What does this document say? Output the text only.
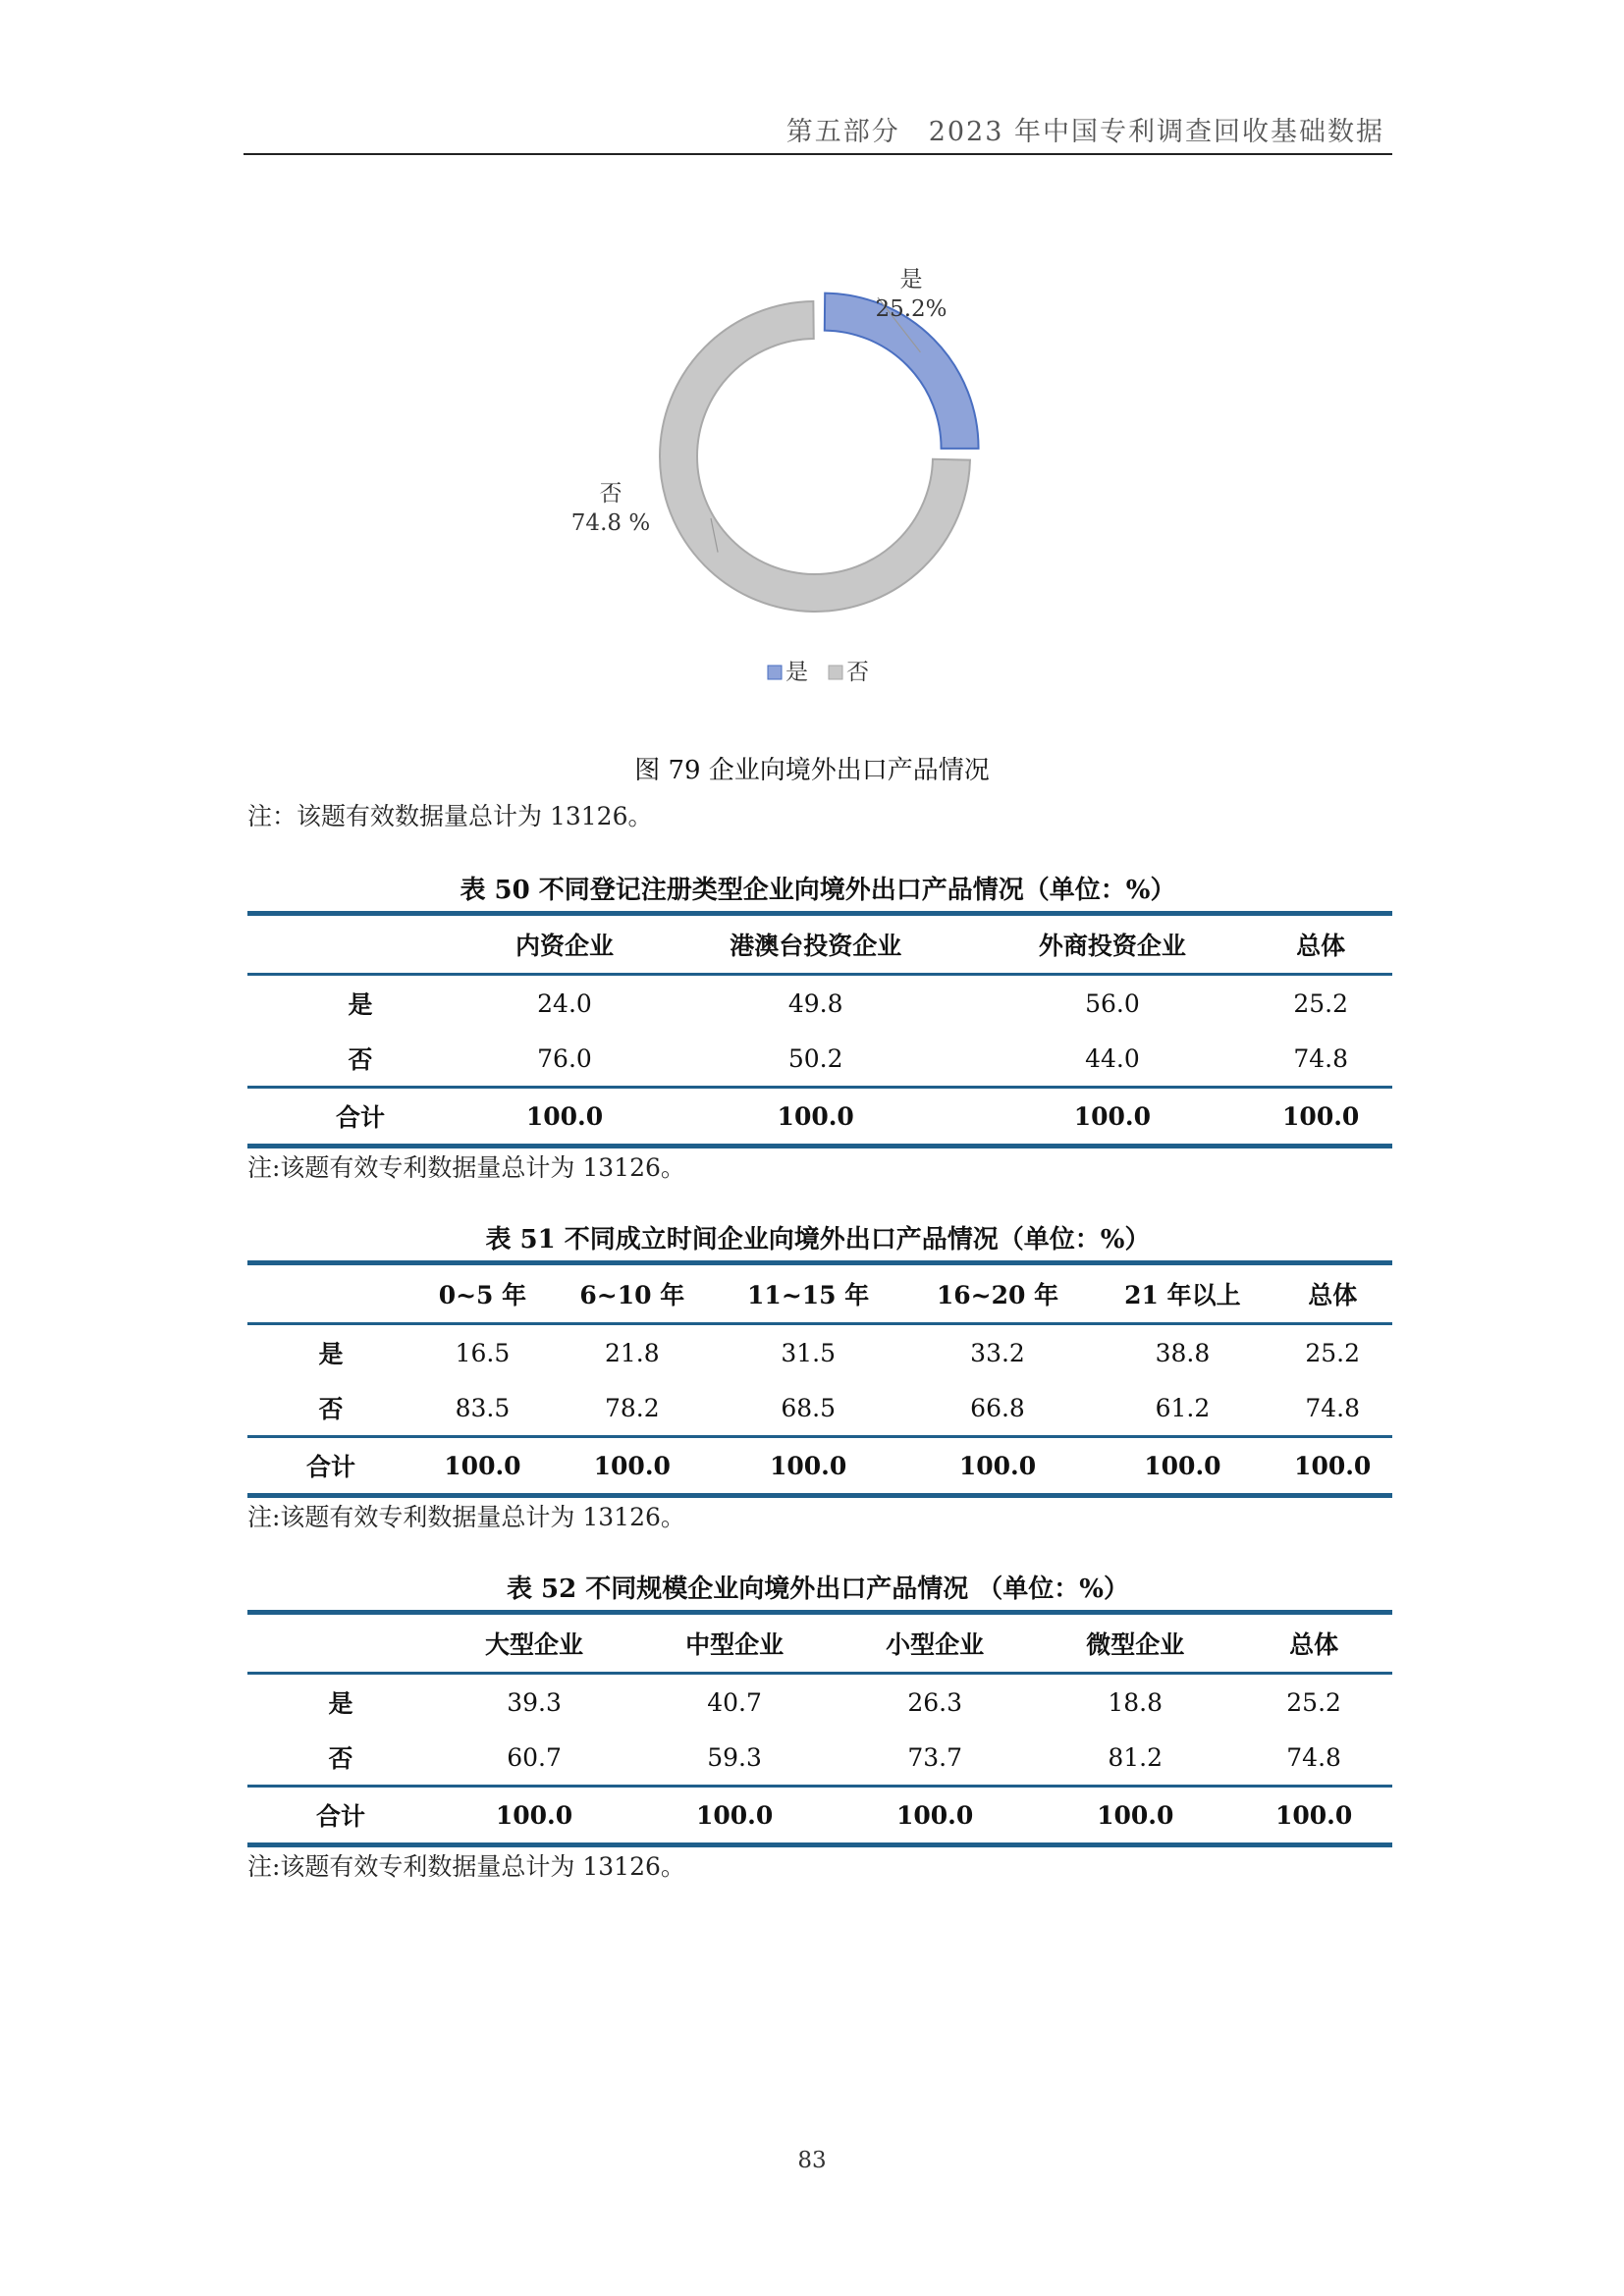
第五部分　2023 年中国专利调查回收基础数据
是
25.2%
否
74.8 %
是 否
图 79 企业向境外出口产品情况
注：该题有效数据量总计为 13126。
表 50 不同登记注册类型企业向境外出口产品情况（单位：%）
	内资企业	港澳台投资企业	外商投资企业	总体
是	24.0	49.8	56.0	25.2
否	76.0	50.2	44.0	74.8
合计	100.0	100.0	100.0	100.0
注:该题有效专利数据量总计为 13126。
表 51 不同成立时间企业向境外出口产品情况（单位：%）
	0~5 年	6~10 年	11~15 年	16~20 年	21 年以上	总体
是	16.5	21.8	31.5	33.2	38.8	25.2
否	83.5	78.2	68.5	66.8	61.2	74.8
合计	100.0	100.0	100.0	100.0	100.0	100.0
注:该题有效专利数据量总计为 13126。
表 52 不同规模企业向境外出口产品情况 （单位：%）
	大型企业	中型企业	小型企业	微型企业	总体
是	39.3	40.7	26.3	18.8	25.2
否	60.7	59.3	73.7	81.2	74.8
合计	100.0	100.0	100.0	100.0	100.0
注:该题有效专利数据量总计为 13126。
83
